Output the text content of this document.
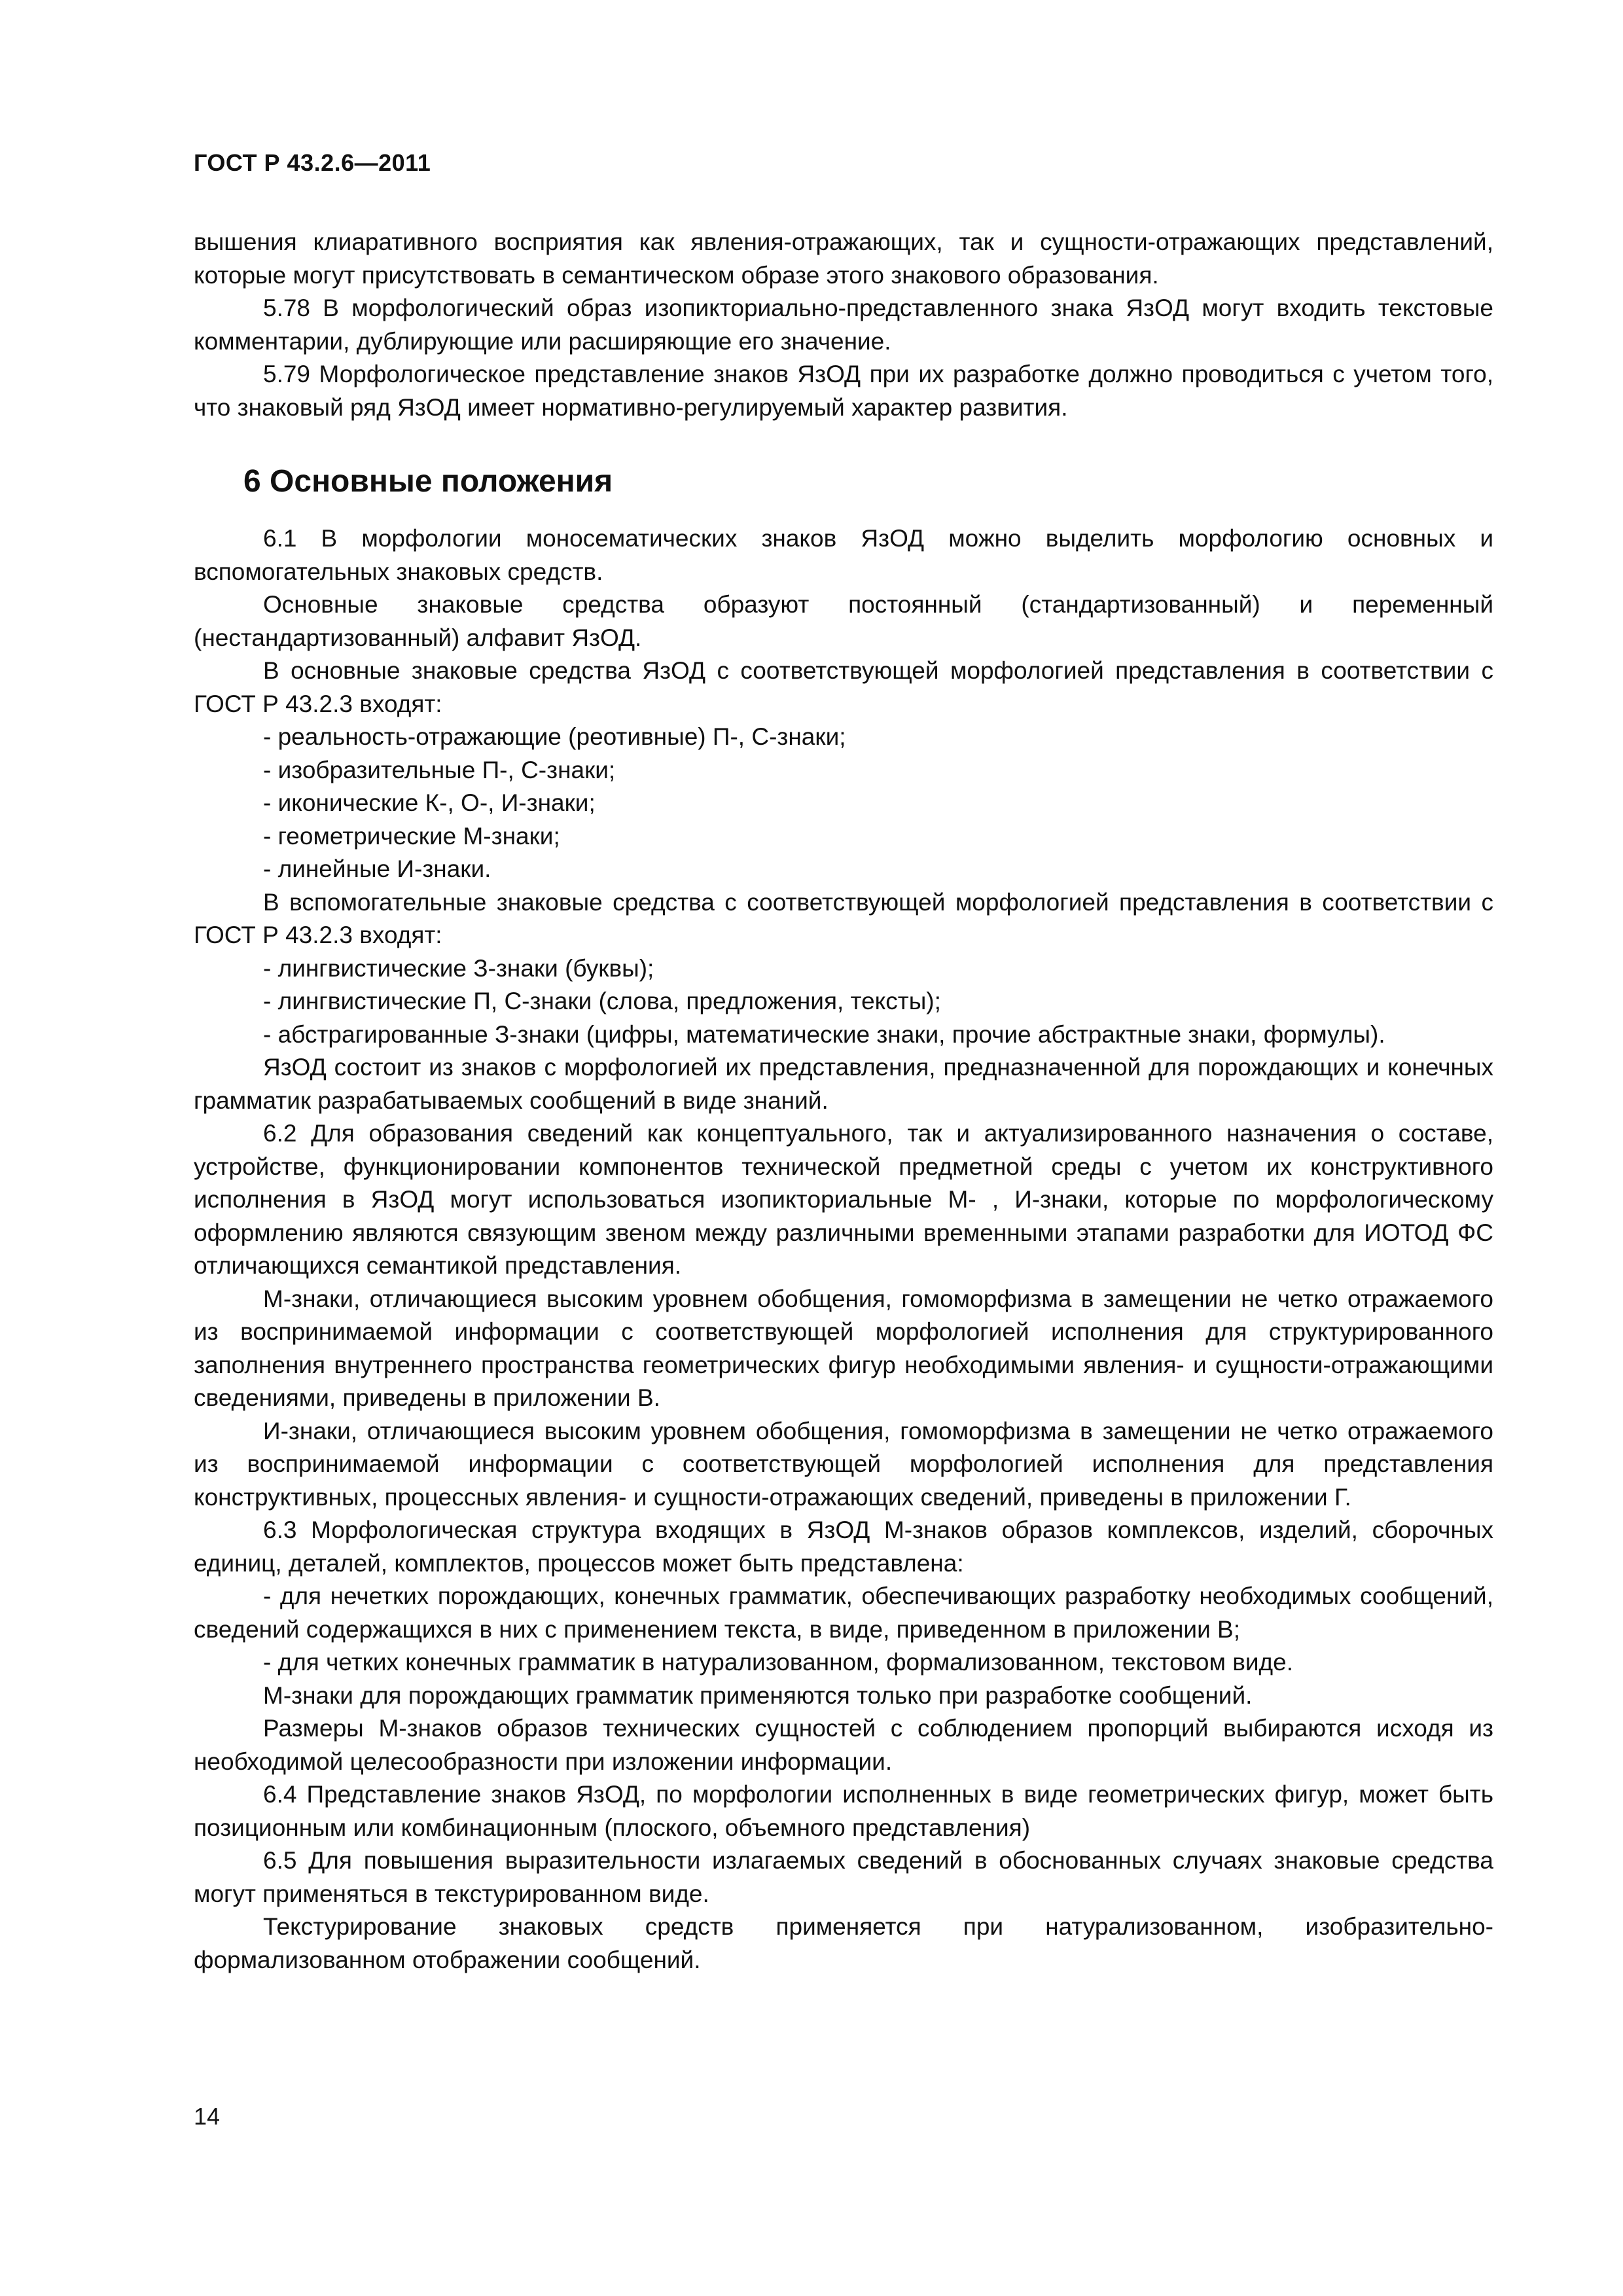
ГОСТ Р 43.2.6—2011

вышения клиаративного восприятия как явления-отражающих, так и сущности-отражающих представлений, которые могут присутствовать в семантическом образе этого знакового образования.

5.78 В морфологический образ изопикториально-представленного знака ЯзОД могут входить текстовые комментарии, дублирующие или расширяющие его значение.

5.79 Морфологическое представление знаков ЯзОД при их разработке должно проводиться с учетом того, что знаковый ряд ЯзОД имеет нормативно-регулируемый характер развития.

6 Основные положения

6.1 В морфологии моносематических знаков ЯзОД можно выделить морфологию основных и вспомогательных знаковых средств.

Основные знаковые средства образуют постоянный (стандартизованный) и переменный (нестандартизованный) алфавит ЯзОД.

В основные знаковые средства ЯзОД с соответствующей морфологией представления в соответствии с ГОСТ Р 43.2.3 входят:

- реальность-отражающие (реотивные) П-, С-знаки;

- изобразительные П-, С-знаки;

- иконические К-, О-, И-знаки;

- геометрические М-знаки;

- линейные И-знаки.

В вспомогательные знаковые средства с соответствующей морфологией представления в соответствии с ГОСТ Р 43.2.3 входят:

- лингвистические З-знаки (буквы);

- лингвистические П, С-знаки (слова, предложения, тексты);

- абстрагированные З-знаки (цифры, математические знаки, прочие абстрактные знаки, формулы).

ЯзОД состоит из знаков с морфологией их представления, предназначенной для порождающих и конечных грамматик разрабатываемых сообщений в виде знаний.

6.2 Для образования сведений как концептуального, так и актуализированного назначения о составе, устройстве, функционировании компонентов технической предметной среды с учетом их конструктивного исполнения в ЯзОД могут использоваться изопиктoриальные М- , И-знаки, которые по морфологическому оформлению являются связующим звеном между различными временными этапами разработки для ИОТОД ФС отличающихся семантикой представления.

М-знаки, отличающиеся высоким уровнем обобщения, гомоморфизма в замещении не четко отражаемого из воспринимаемой информации с соответствующей морфологией исполнения для структурированного заполнения внутреннего пространства геометрических фигур необходимыми явления- и сущности-отражающими сведениями, приведены в приложении В.

И-знаки, отличающиеся высоким уровнем обобщения, гомоморфизма в замещении не четко отражаемого из воспринимаемой информации с соответствующей морфологией исполнения для представления конструктивных, процессных явления- и сущности-отражающих сведений, приведены в приложении Г.

6.3 Морфологическая структура входящих в ЯзОД М-знаков образов комплексов, изделий, сборочных единиц, деталей, комплектов, процессов может быть представлена:

- для нечетких порождающих, конечных грамматик, обеспечивающих разработку необходимых сообщений, сведений содержащихся в них с применением текста, в виде, приведенном в приложении В;

- для четких конечных грамматик в натурализованном, формализованном, текстовом виде.

М-знаки для порождающих грамматик применяются только при разработке сообщений.

Размеры М-знаков образов технических сущностей с соблюдением пропорций выбираются исходя из необходимой целесообразности при изложении информации.

6.4 Представление знаков ЯзОД, по морфологии исполненных в виде геометрических фигур, может быть позиционным или комбинационным (плоского, объемного представления)

6.5 Для повышения выразительности излагаемых сведений в обоснованных случаях знаковые средства могут применяться в текстурированном виде.

Текстурирование знаковых средств применяется при натурализованном, изобразительно-формализованном отображении сообщений.

14
